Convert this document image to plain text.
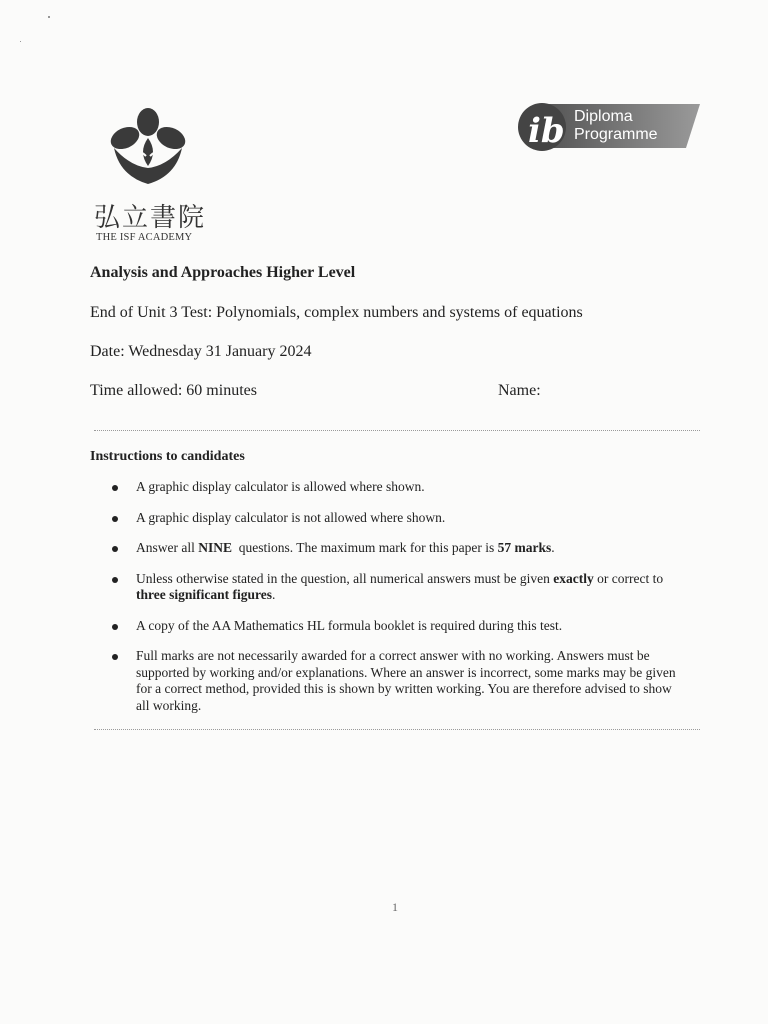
弘立書院
THE ISF ACADEMY
ib Diploma
Programme
Analysis and Approaches Higher Level
End of Unit 3 Test: Polynomials, complex numbers and systems of equations
Date: Wednesday 31 January 2024
Time allowed: 60 minutes	Name:
Instructions to candidates
A graphic display calculator is allowed where shown.
A graphic display calculator is not allowed where shown.
Answer all NINE  questions. The maximum mark for this paper is 57 marks.
Unless otherwise stated in the question, all numerical answers must be given exactly or correct to three significant figures.
A copy of the AA Mathematics HL formula booklet is required during this test.
Full marks are not necessarily awarded for a correct answer with no working. Answers must be supported by working and/or explanations. Where an answer is incorrect, some marks may be given for a correct method, provided this is shown by written working. You are therefore advised to show all working.
1
